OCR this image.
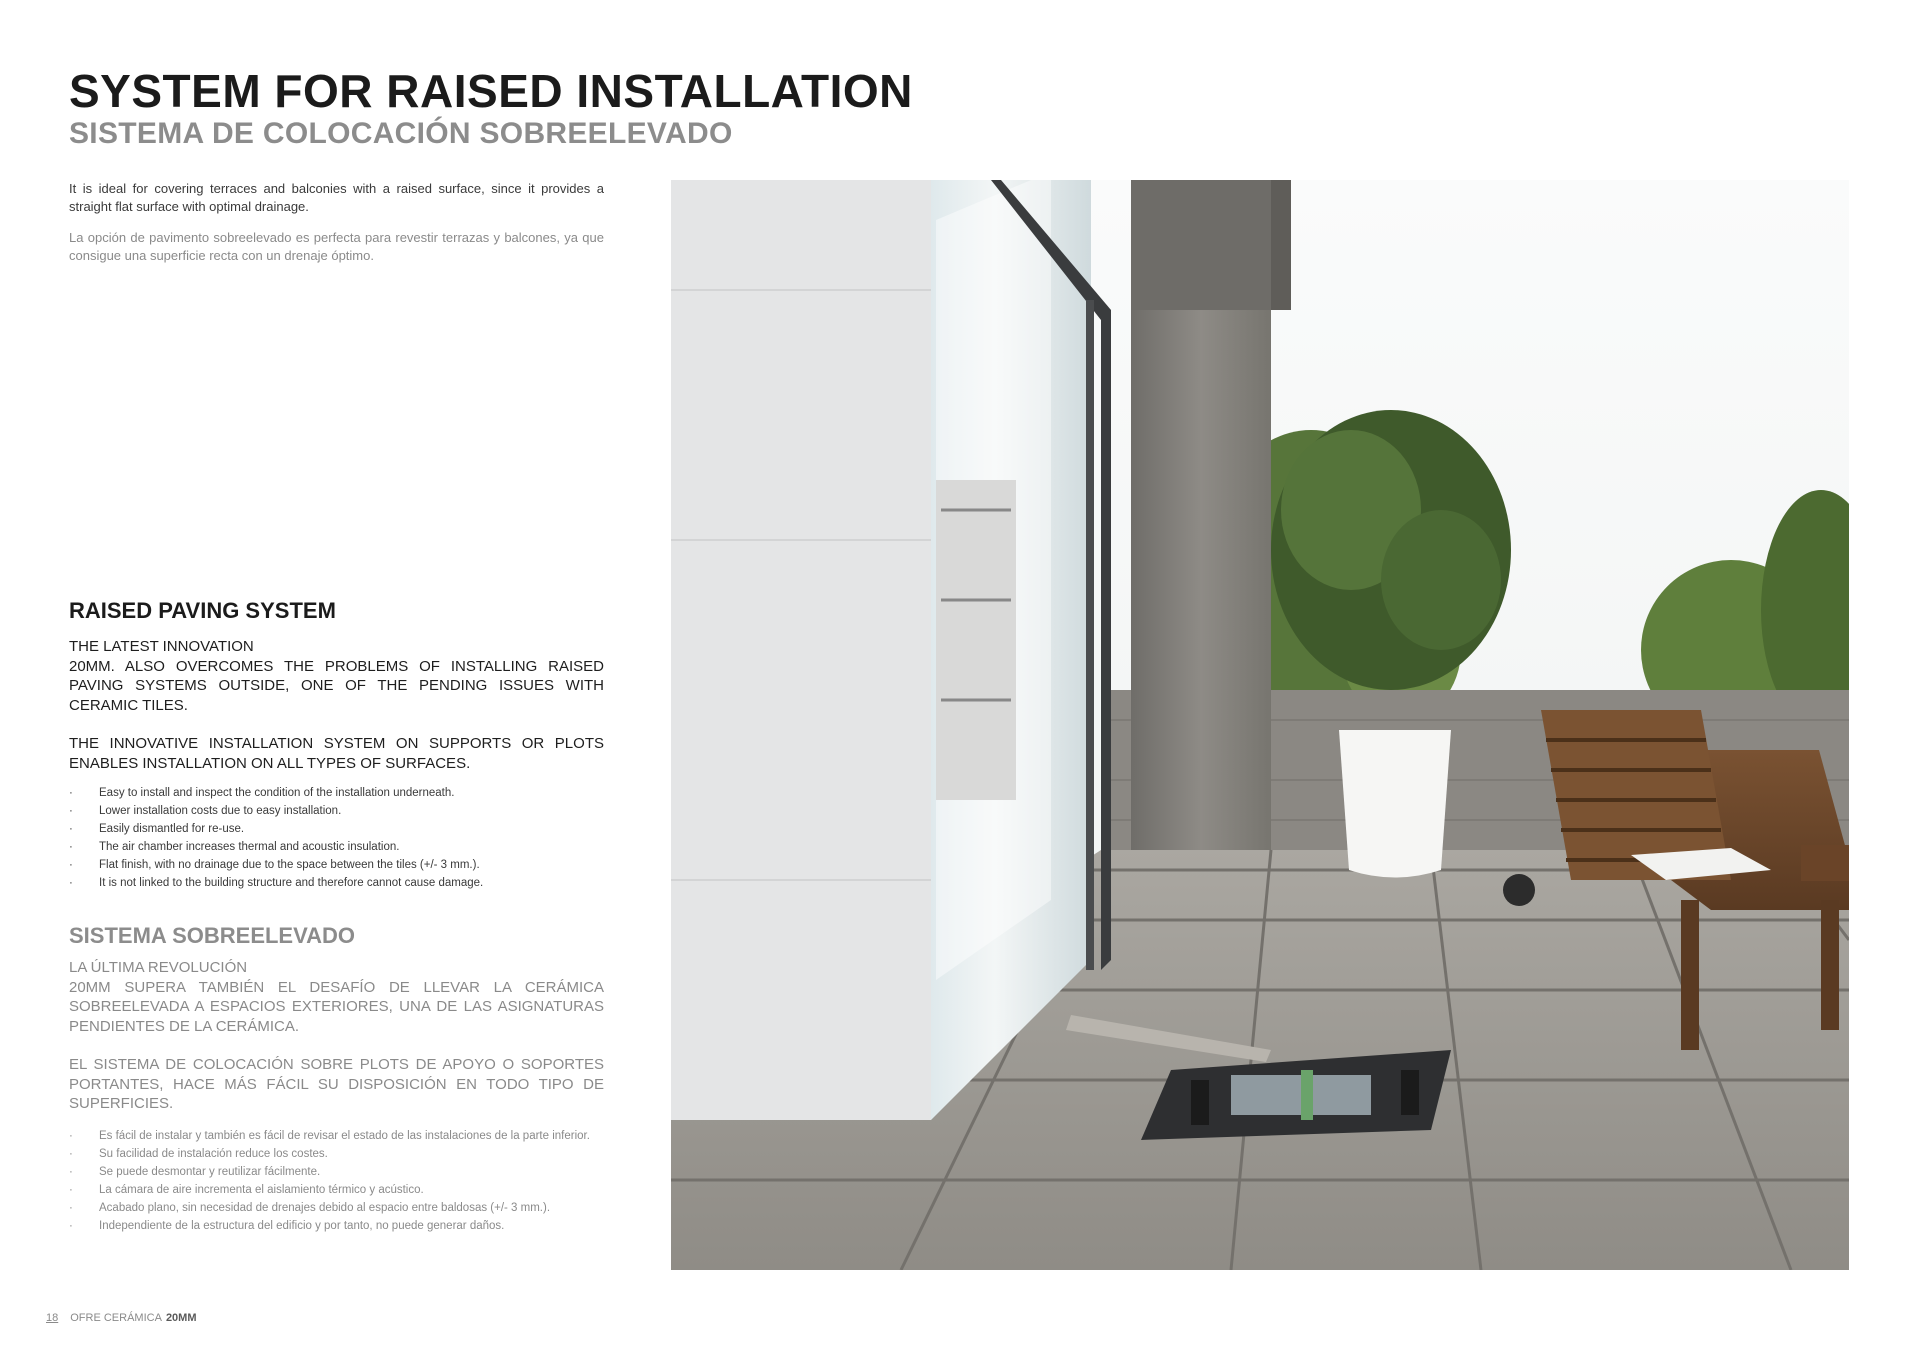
SYSTEM FOR RAISED INSTALLATION
SISTEMA DE COLOCACIÓN SOBREELEVADO
It is ideal for covering terraces and balconies with a raised surface, since it provides a straight flat surface with optimal drainage.
La opción de pavimento sobreelevado es perfecta para revestir terrazas y balcones, ya que consigue una superficie recta con un drenaje óptimo.
RAISED PAVING SYSTEM
THE LATEST INNOVATION
20MM. ALSO OVERCOMES THE PROBLEMS OF INSTALLING RAISED PAVING SYSTEMS OUTSIDE, ONE OF THE PENDING ISSUES WITH CERAMIC TILES.
THE INNOVATIVE INSTALLATION SYSTEM ON SUPPORTS OR PLOTS ENABLES INSTALLATION ON ALL TYPES OF SURFACES.
· Easy to install and inspect the condition of the installation underneath.
· Lower installation costs due to easy installation.
· Easily dismantled for re-use.
· The air chamber increases thermal and acoustic insulation.
· Flat finish, with no drainage due to the space between the tiles (+/- 3 mm.).
· It is not linked to the building structure and therefore cannot cause damage.
SISTEMA SOBREELEVADO
LA ÚLTIMA REVOLUCIÓN
20MM SUPERA TAMBIÉN EL DESAFÍO DE LLEVAR LA CERÁMICA SOBREELEVADA A ESPACIOS EXTERIORES, UNA DE LAS ASIGNATURAS PENDIENTES DE LA CERÁMICA.
EL SISTEMA DE COLOCACIÓN SOBRE PLOTS DE APOYO O SOPORTES PORTANTES, HACE MÁS FÁCIL SU DISPOSICIÓN EN TODO TIPO DE SUPERFICIES.
· Es fácil de instalar y también es fácil de revisar el estado de las instalaciones de la parte inferior.
· Su facilidad de instalación reduce los costes.
· Se puede desmontar y reutilizar fácilmente.
· La cámara de aire incrementa el aislamiento térmico y acústico.
· Acabado plano, sin necesidad de drenajes debido al espacio entre baldosas (+/- 3 mm.).
· Independiente de la estructura del edificio y por tanto, no puede generar daños.
18 OFRE CERÁMICA 20MM
